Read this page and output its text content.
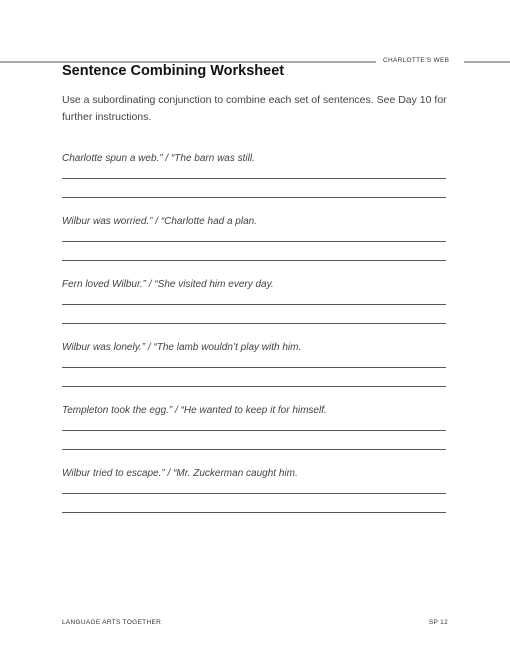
CHARLOTTE’S WEB
Sentence Combining Worksheet
Use a subordinating conjunction to combine each set of sentences. See Day 10 for further instructions.
Charlotte spun a web.” / “The barn was still.
Wilbur was worried.” / “Charlotte had a plan.
Fern loved Wilbur.” / “She visited him every day.
Wilbur was lonely.” / “The lamb wouldn’t play with him.
Templeton took the egg.” / “He wanted to keep it for himself.
Wilbur tried to escape.” / “Mr. Zuckerman caught him.
LANGUAGE ARTS TOGETHER	SP 12
